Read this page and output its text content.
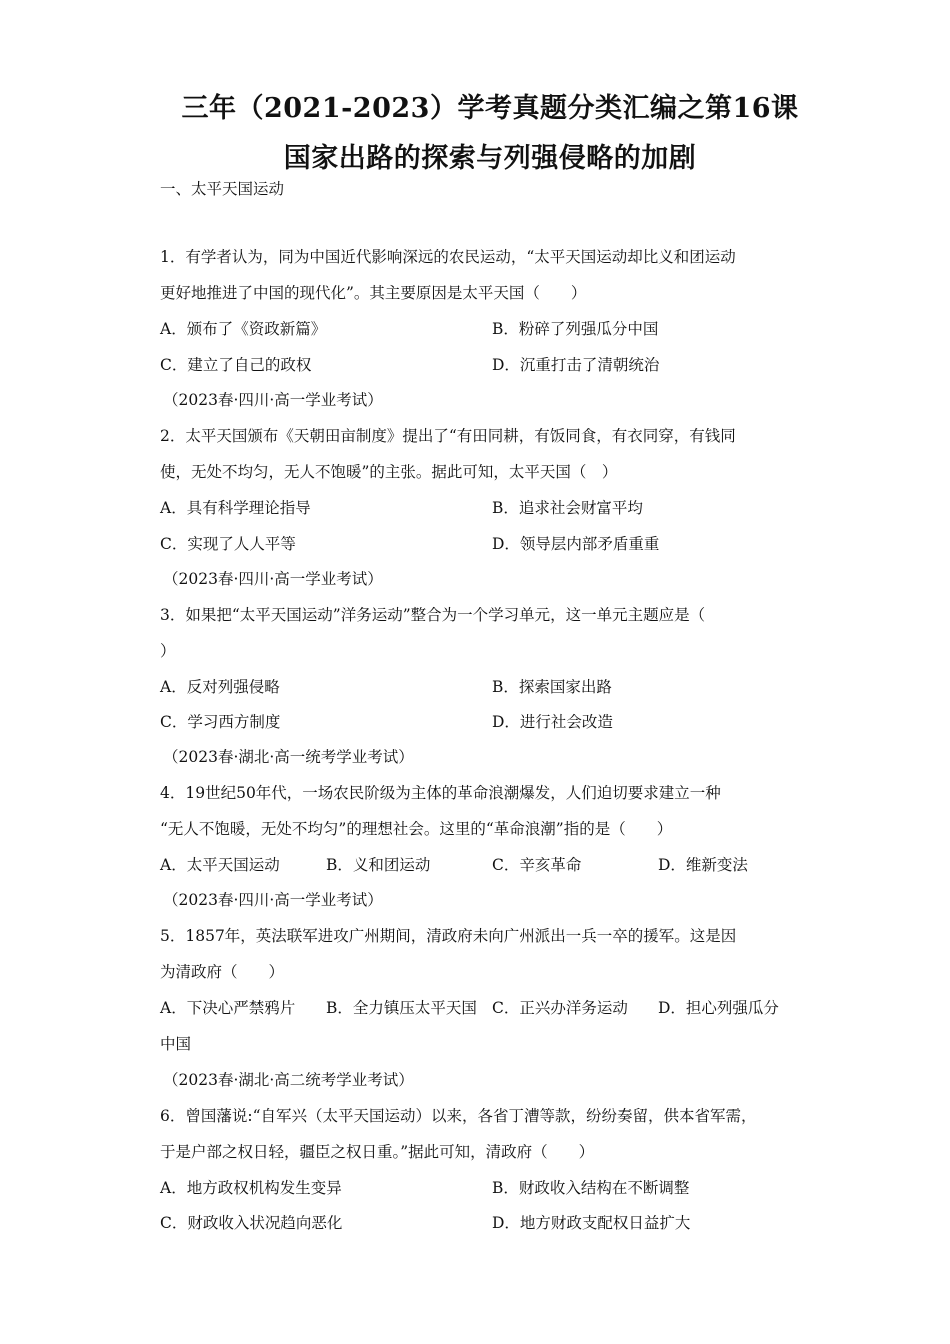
三年（2021-2023）学考真题分类汇编之第16课
国家出路的探索与列强侵略的加剧
一、太平天国运动
1．有学者认为，同为中国近代影响深远的农民运动，“太平天国运动却比义和团运动
更好地推进了中国的现代化”。其主要原因是太平天国（　　）
A．颁布了《资政新篇》	B．粉碎了列强瓜分中国
C．建立了自己的政权	D．沉重打击了清朝统治
（2023春·四川·高一学业考试）
2．太平天国颁布《天朝田亩制度》提出了“有田同耕，有饭同食，有衣同穿，有钱同
使，无处不均匀，无人不饱暖”的主张。据此可知，太平天国（　）
A．具有科学理论指导	B．追求社会财富平均
C．实现了人人平等	D．领导层内部矛盾重重
（2023春·四川·高一学业考试）
3．如果把“太平天国运动”洋务运动”整合为一个学习单元，这一单元主题应是（
）
A．反对列强侵略	B．探索国家出路
C．学习西方制度	D．进行社会改造
（2023春·湖北·高一统考学业考试）
4．19世纪50年代，一场农民阶级为主体的革命浪潮爆发，人们迫切要求建立一种
“无人不饱暖，无处不均匀”的理想社会。这里的“革命浪潮”指的是（　　）
A．太平天国运动	B．义和团运动	C．辛亥革命	D．维新变法
（2023春·四川·高一学业考试）
5．1857年，英法联军进攻广州期间，清政府未向广州派出一兵一卒的援军。这是因
为清政府（　　）
A．下决心严禁鸦片 B．全力镇压太平天国 C．正兴办洋务运动 D．担心列强瓜分
中国
（2023春·湖北·高二统考学业考试）
6．曾国藩说:“自军兴（太平天国运动）以来，各省丁漕等款，纷纷奏留，供本省军需，
于是户部之权日轻，疆臣之权日重。”据此可知，清政府（　　）
A．地方政权机构发生变异	B．财政收入结构在不断调整
C．财政收入状况趋向恶化	D．地方财政支配权日益扩大
